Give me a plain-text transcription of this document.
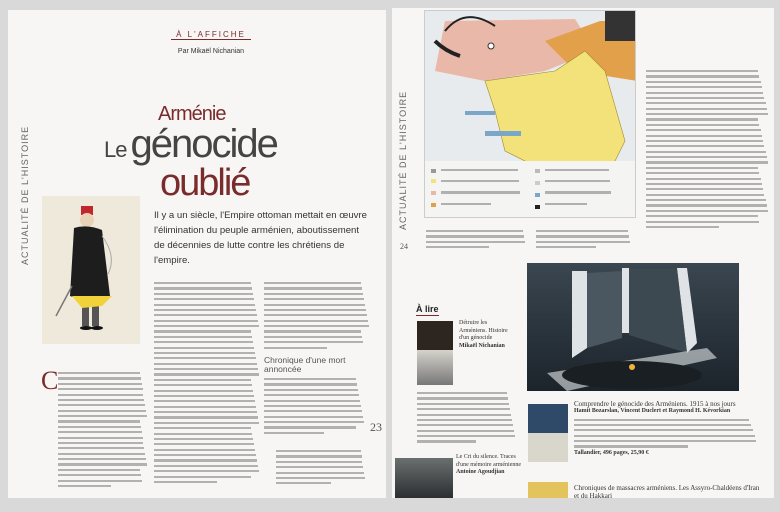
À L'AFFICHE
Par Mikaël Nichanian
Arménie
Le génocide
oublié
ACTUALITÉ DE L'HISTOIRE	Il y a un siècle, l'Empire ottoman mettait en œuvre l'élimination du peuple arménien, aboutissement de décennies de lutte contre les chrétiens de l'empire.
C
Chronique d'une mort annoncée
23
ACTUALITÉ DE L'HISTOIRE
24
À lire
Détruire les Arméniens. Histoire d'un génocide
Mikaël Nichanian
Le Cri du silence. Traces d'une mémoire arménienne
Antoine Agoudjian
Comprendre le génocide des Arméniens. 1915 à nos jours
Hamit Bozarslan, Vincent Duclert et Raymond H. Kévorkian
Tallandier, 496 pages, 25,90 €
Chroniques de massacres arméniens. Les Assyro-Chaldéens d'Iran et du Hakkari
